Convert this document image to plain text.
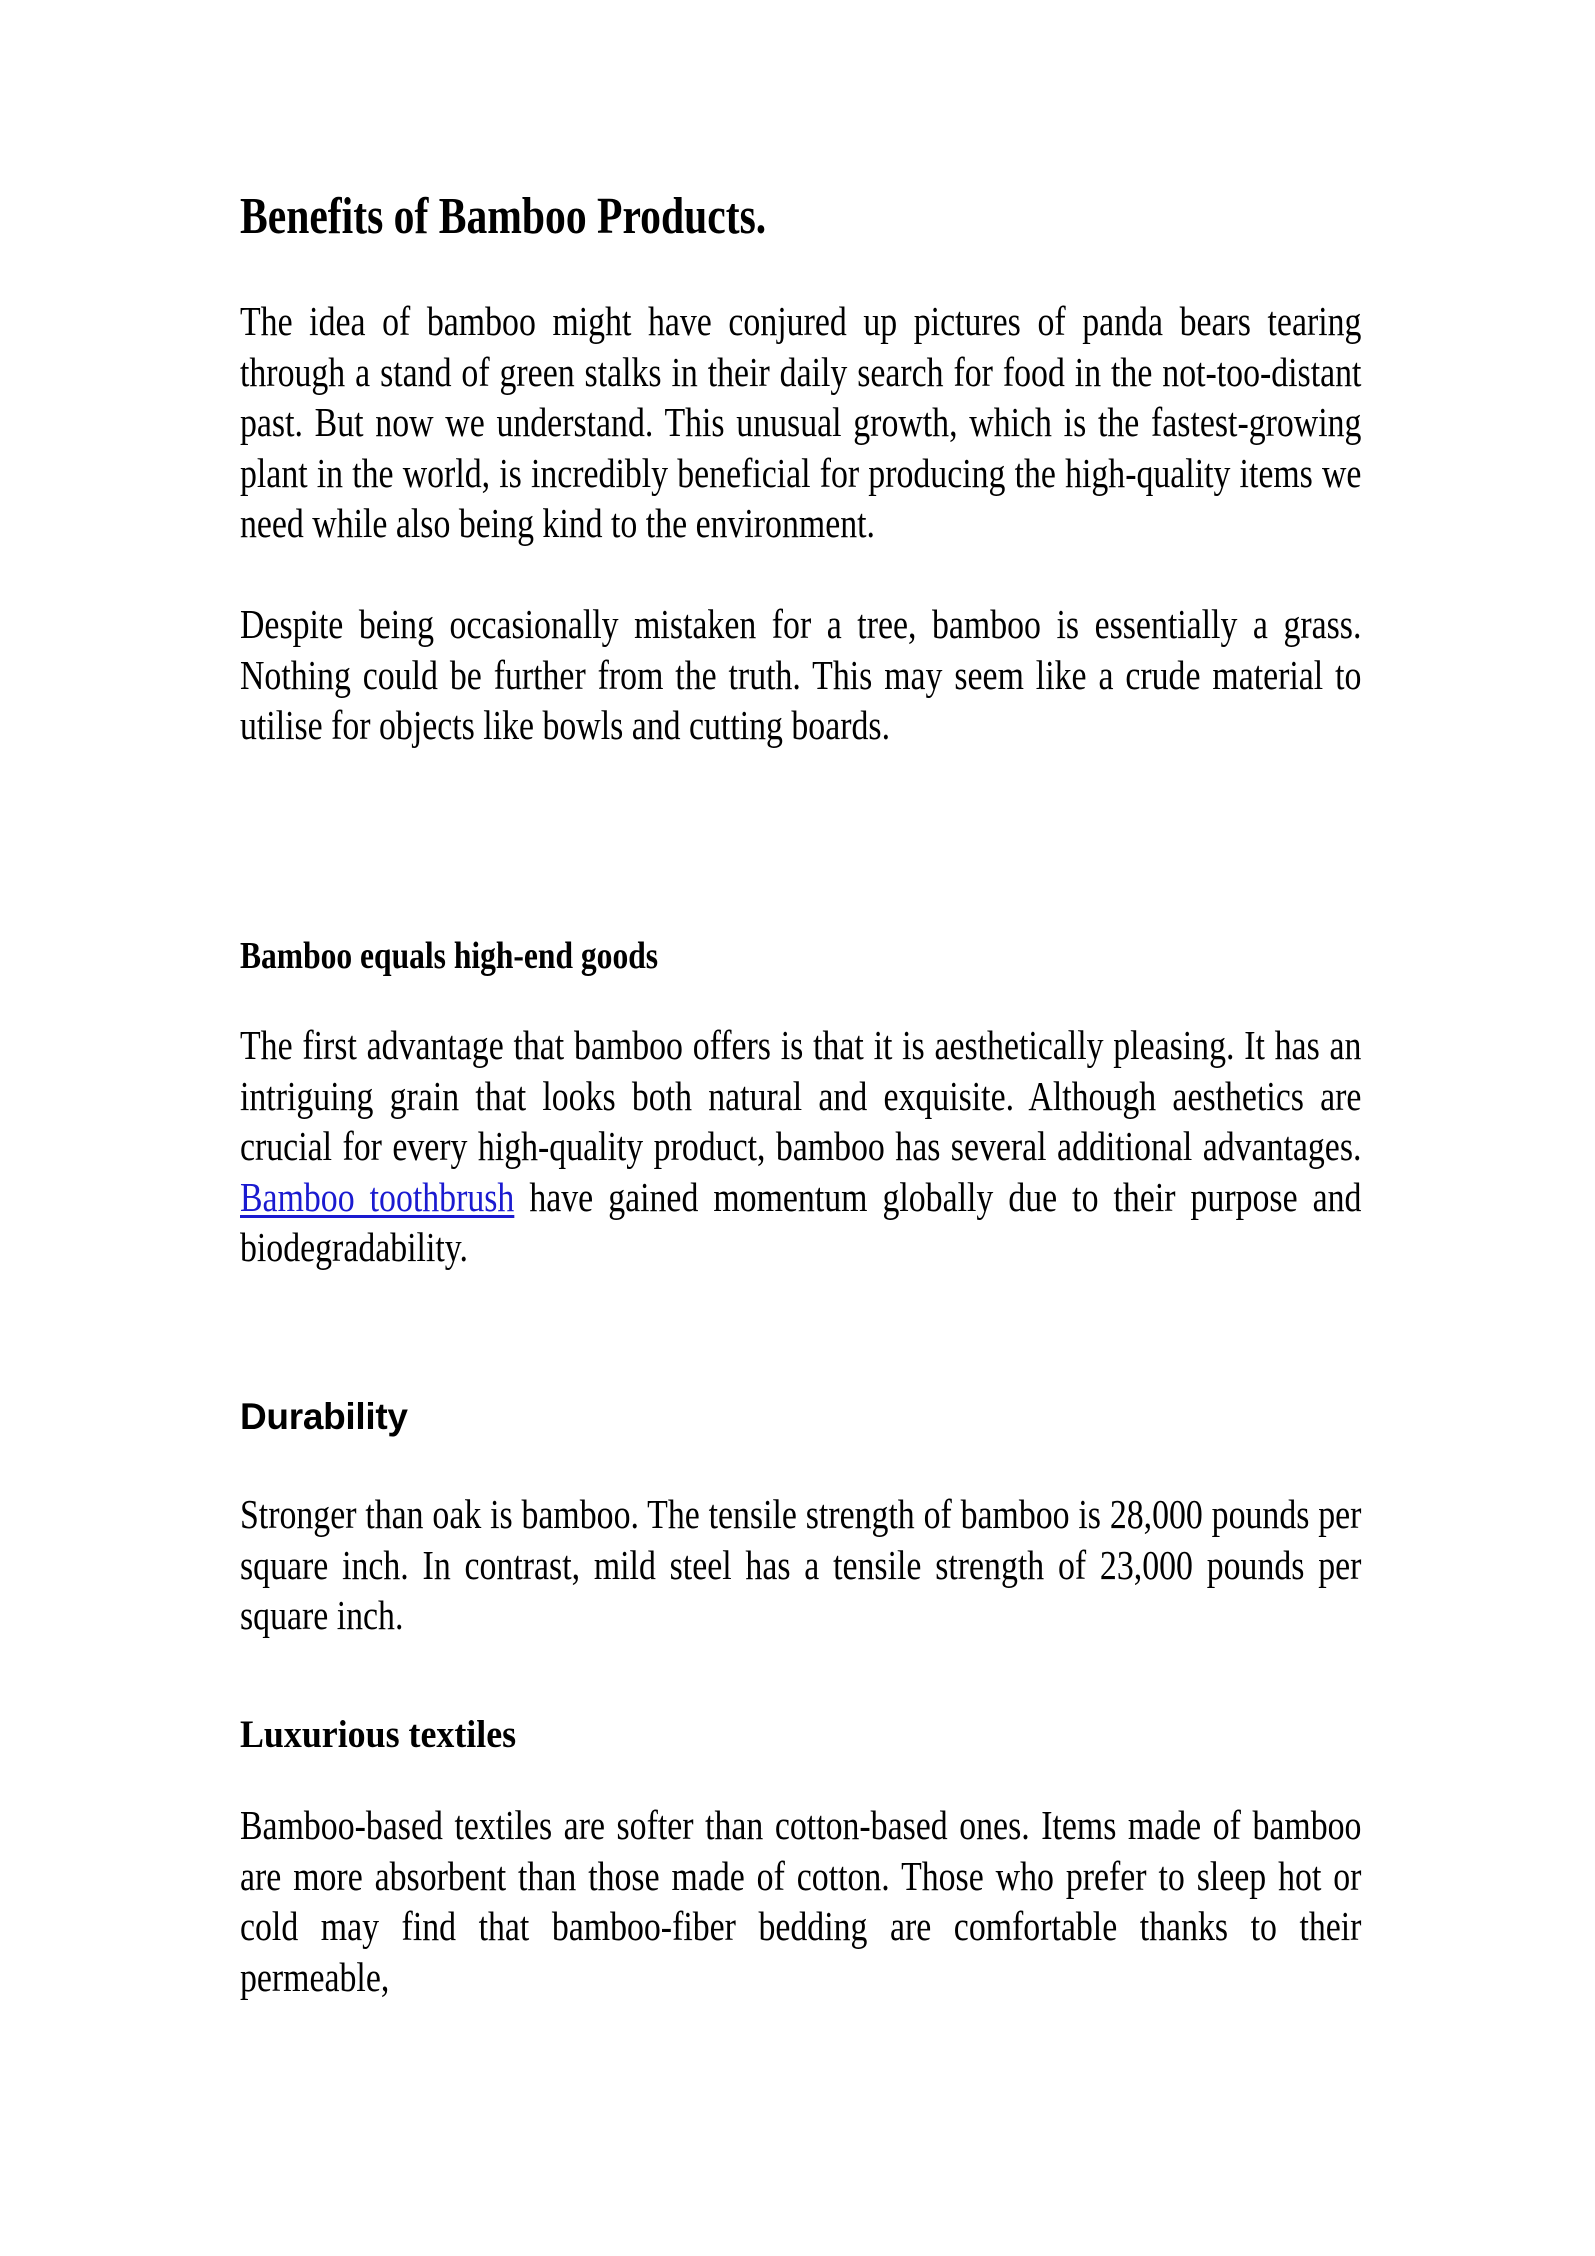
Benefits of Bamboo Products.

The idea of bamboo might have conjured up pictures of panda bears tearing through a stand of green stalks in their daily search for food in the not-too-distant past. But now we understand. This unusual growth, which is the fastest-growing plant in the world, is incredibly beneficial for producing the high-quality items we need while also being kind to the environment.

Despite being occasionally mistaken for a tree, bamboo is essentially a grass. Nothing could be further from the truth. This may seem like a crude material to utilise for objects like bowls and cutting boards.

Bamboo equals high-end goods

The first advantage that bamboo offers is that it is aesthetically pleasing. It has an intriguing grain that looks both natural and exquisite. Although aesthetics are crucial for every high-quality product, bamboo has several additional advantages. Bamboo toothbrush have gained momentum globally due to their purpose and biodegradability.

Durability

Stronger than oak is bamboo. The tensile strength of bamboo is 28,000 pounds per square inch. In contrast, mild steel has a tensile strength of 23,000 pounds per square inch.

Luxurious textiles

Bamboo-based textiles are softer than cotton-based ones. Items made of bamboo are more absorbent than those made of cotton. Those who prefer to sleep hot or cold may find that bamboo-fiber bedding are comfortable thanks to their permeable,
